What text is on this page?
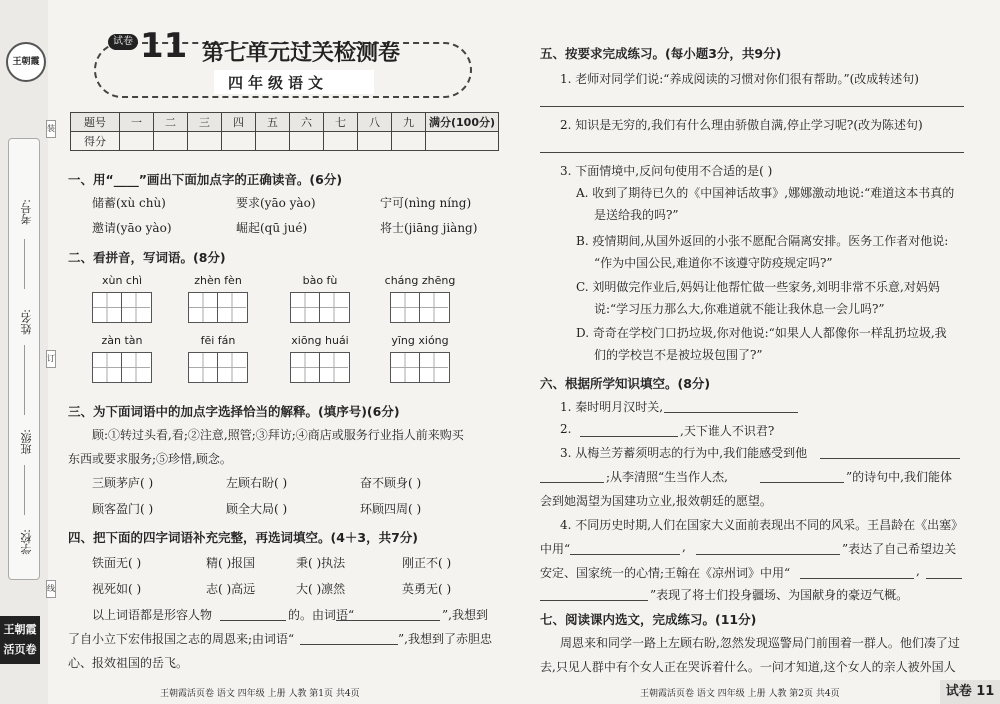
王朝霞
考号:
姓名:
班级:
学校:
装
订
线
王朝霞
活页卷
试卷 11 第七单元过关检测卷
四年级语文
题号	一	二	三	四	五	六	七	八	九	满分(100分)
得分										
一、用“____”画出下面加点字的正确读音。(6分)
储蓄(xù chù)	要求(yāo yào)	宁可(nìng níng)
邀请(yāo yào)	崛起(qū jué)	将士(jiāng jiàng)
二、看拼音，写词语。(8分)
xùn chì	zhèn fèn	bào fù	cháng zhēng
zàn tàn	fēi fán	xiōng huái	yīng xióng
三、为下面词语中的加点字选择恰当的解释。(填序号)(6分)
顾:①转过头看,看;②注意,照管;③拜访;④商店或服务行业指人前来购买
东西或要求服务;⑤珍惜,顾念。
三顾茅庐( )	左顾右盼( )	奋不顾身( )
顾客盈门( )	顾全大局( )	环顾四周( )
四、把下面的四字词语补充完整，再选词填空。(4＋3，共7分)
铁面无( )	精( )报国	秉( )执法	刚正不( )
视死如( )	志( )高远	大( )凛然	英勇无( )
以上词语都是形容人物	的。由词语“	”,我想到
了自小立下宏伟报国之志的周恩来;由词语“	”,我想到了赤胆忠
心、报效祖国的岳飞。
王朝霞活页卷 语文 四年级 上册 人教 第1页 共4页
五、按要求完成练习。(每小题3分，共9分)
1. 老师对同学们说:“养成阅读的习惯对你们很有帮助。”(改成转述句)
2. 知识是无穷的,我们有什么理由骄傲自满,停止学习呢?(改为陈述句)
3. 下面情境中,反问句使用不合适的是( )
A. 收到了期待已久的《中国神话故事》,娜娜激动地说:“难道这本书真的
是送给我的吗?”
B. 疫情期间,从国外返回的小张不愿配合隔离安排。医务工作者对他说:
“作为中国公民,难道你不该遵守防疫规定吗?”
C. 刘明做完作业后,妈妈让他帮忙做一些家务,刘明非常不乐意,对妈妈
说:“学习压力那么大,你难道就不能让我休息一会儿吗?”
D. 奇奇在学校门口扔垃圾,你对他说:“如果人人都像你一样乱扔垃圾,我
们的学校岂不是被垃圾包围了?”
六、根据所学知识填空。(8分)
1. 秦时明月汉时关,
2.	,天下谁人不识君?
3. 从梅兰芳蓄须明志的行为中,我们能感受到他
;从李清照“生当作人杰,	”的诗句中,我们能体
会到她渴望为国建功立业,报效朝廷的愿望。
4. 不同历史时期,人们在国家大义面前表现出不同的风采。王昌龄在《出塞》
中用“	,	”表达了自己希望边关
安定、国家统一的心情;王翰在《凉州词》中用“	,
”表现了将士们投身疆场、为国献身的豪迈气概。
七、阅读课内选文，完成练习。(11分)
周恩来和同学一路上左顾右盼,忽然发现巡警局门前围着一群人。他们凑了过
去,只见人群中有个女人正在哭诉着什么。一问才知道,这个女人的亲人被外国人
王朝霞活页卷 语文 四年级 上册 人教 第2页 共4页	试卷 11
